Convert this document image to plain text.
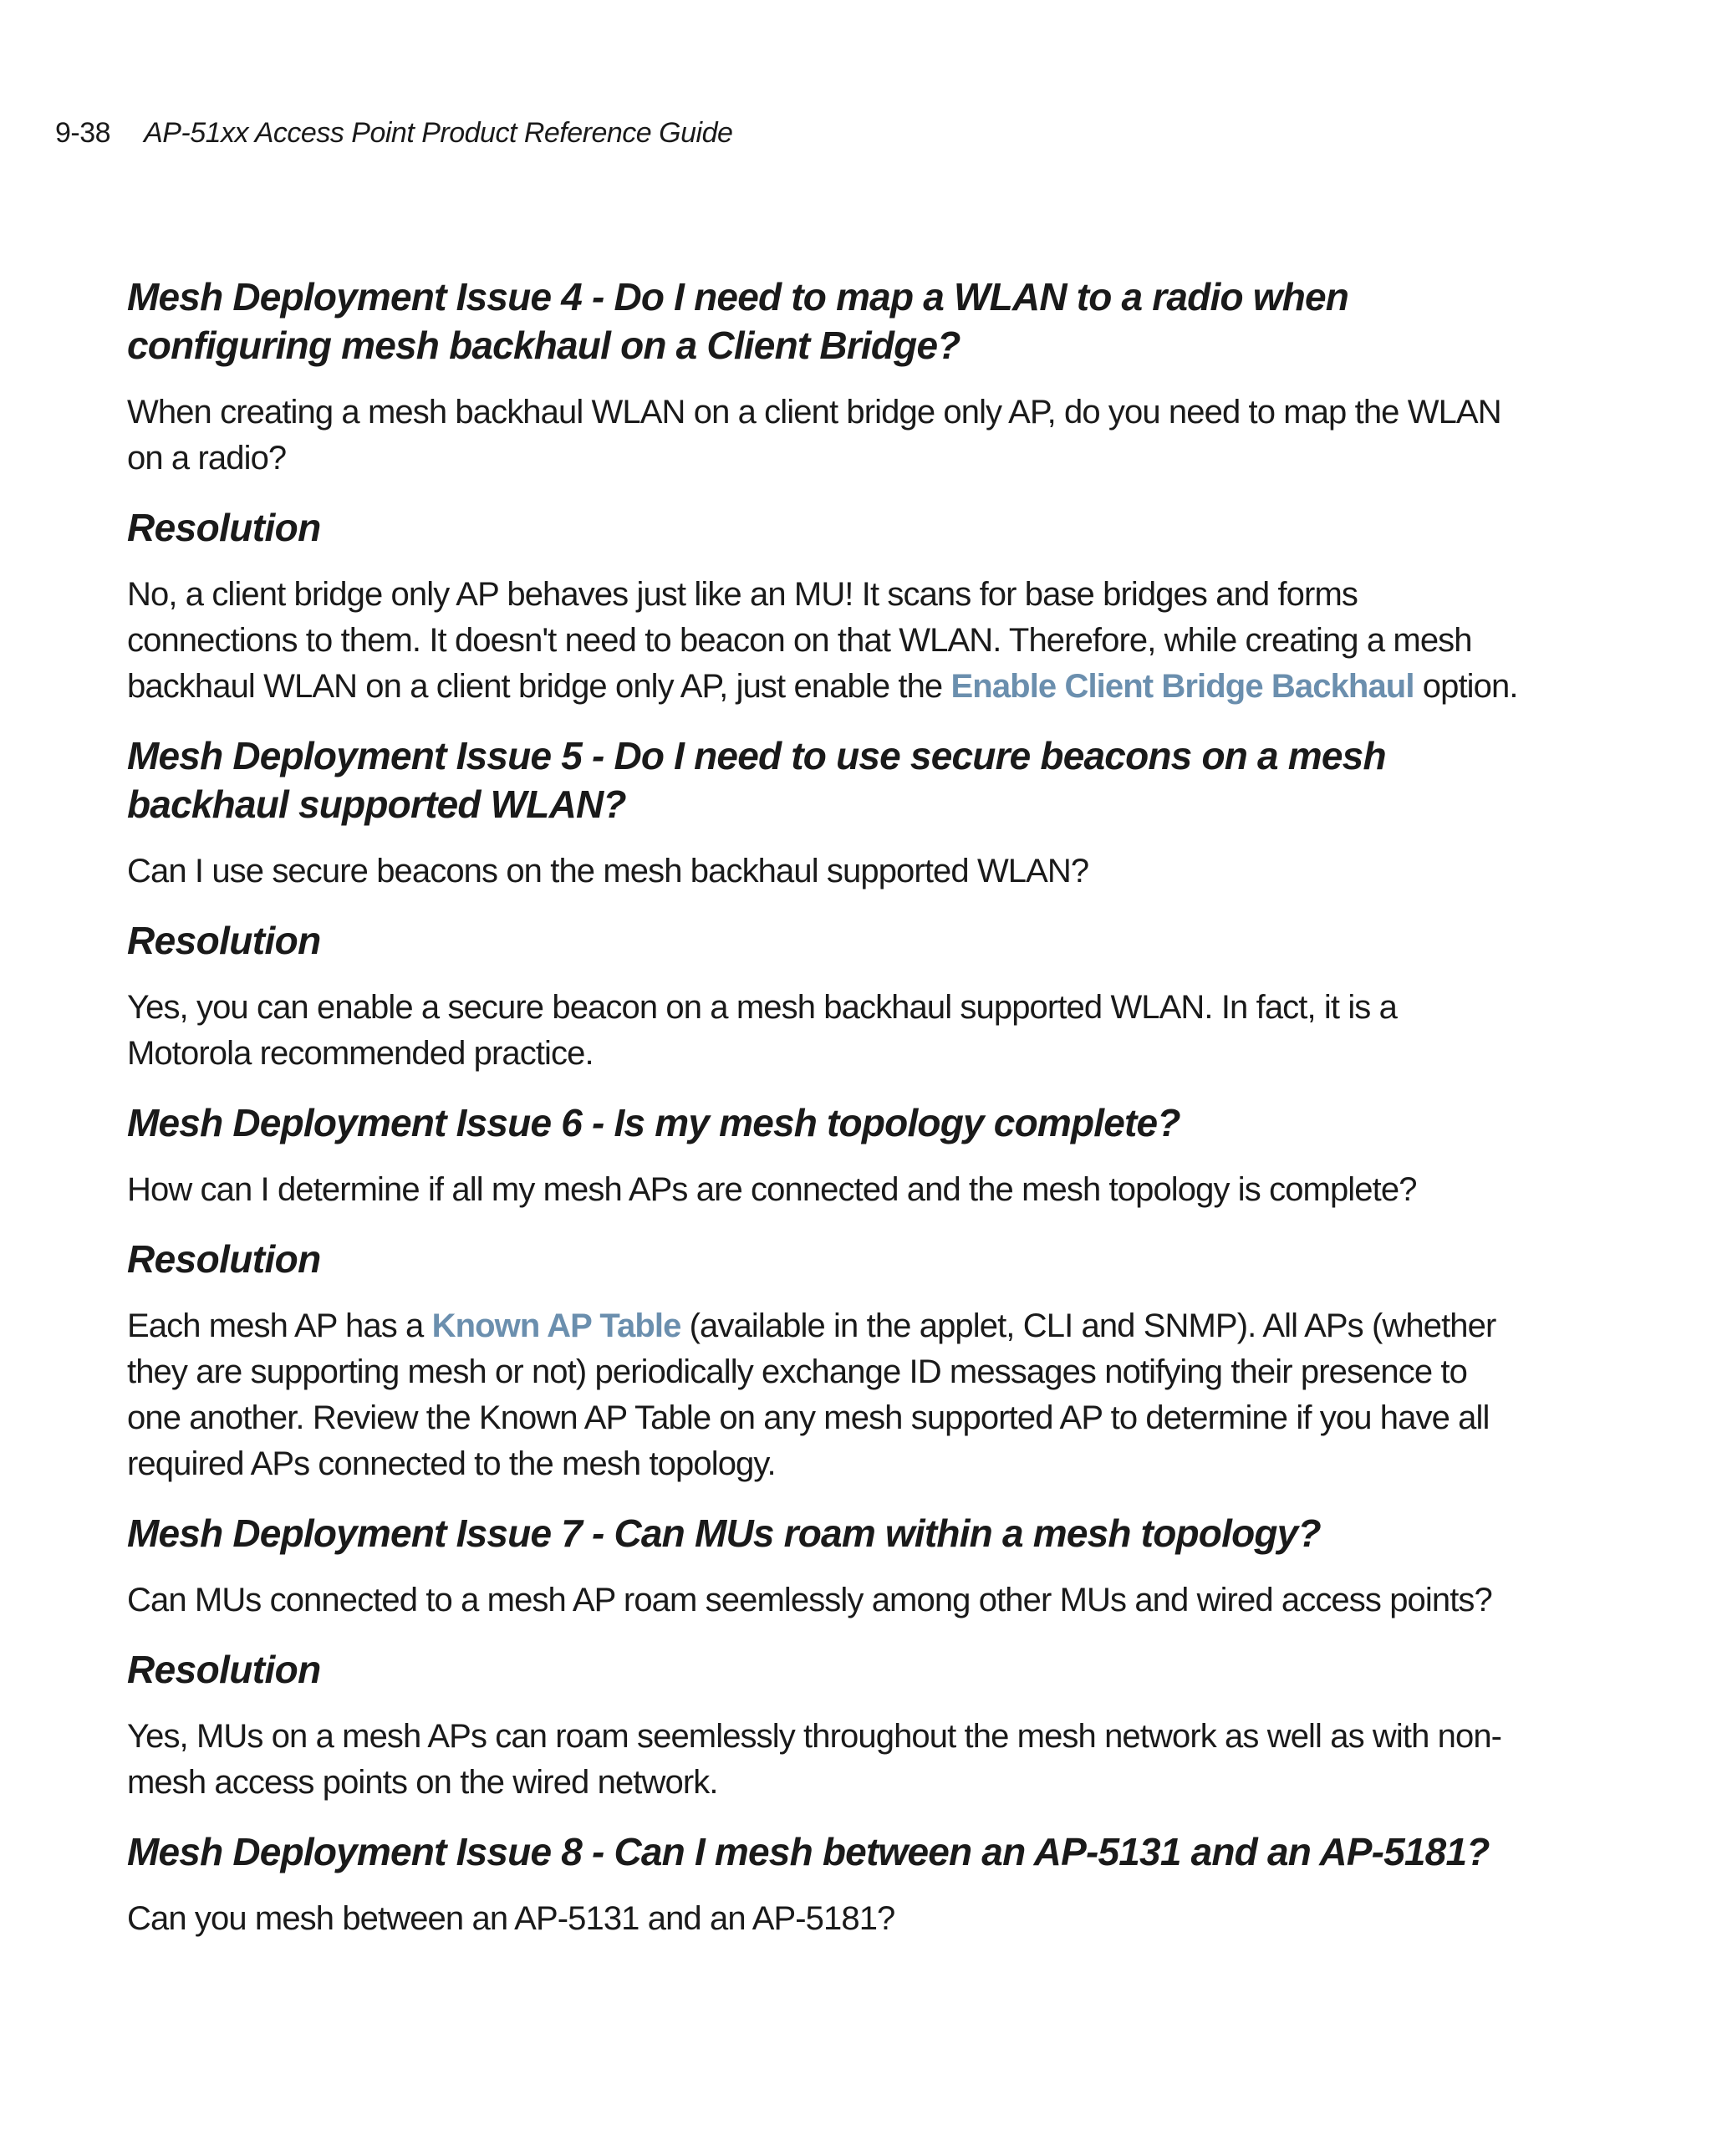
9-38 AP-51xx Access Point Product Reference Guide
Mesh Deployment Issue 4 - Do I need to map a WLAN to a radio when configuring mesh backhaul on a Client Bridge?

When creating a mesh backhaul WLAN on a client bridge only AP, do you need to map the WLAN on a radio?

Resolution

No, a client bridge only AP behaves just like an MU! It scans for base bridges and forms connections to them. It doesn't need to beacon on that WLAN. Therefore, while creating a mesh backhaul WLAN on a client bridge only AP, just enable the Enable Client Bridge Backhaul option.

Mesh Deployment Issue 5 - Do I need to use secure beacons on a mesh backhaul supported WLAN?

Can I use secure beacons on the mesh backhaul supported WLAN?

Resolution

Yes, you can enable a secure beacon on a mesh backhaul supported WLAN. In fact, it is a Motorola recommended practice.

Mesh Deployment Issue 6 - Is my mesh topology complete?

How can I determine if all my mesh APs are connected and the mesh topology is complete?

Resolution

Each mesh AP has a Known AP Table (available in the applet, CLI and SNMP). All APs (whether they are supporting mesh or not) periodically exchange ID messages notifying their presence to one another. Review the Known AP Table on any mesh supported AP to determine if you have all required APs connected to the mesh topology.

Mesh Deployment Issue 7 - Can MUs roam within a mesh topology?

Can MUs connected to a mesh AP roam seemlessly among other MUs and wired access points?

Resolution

Yes, MUs on a mesh APs can roam seemlessly throughout the mesh network as well as with non-mesh access points on the wired network.

Mesh Deployment Issue 8 - Can I mesh between an AP-5131 and an AP-5181?

Can you mesh between an AP-5131 and an AP-5181?
